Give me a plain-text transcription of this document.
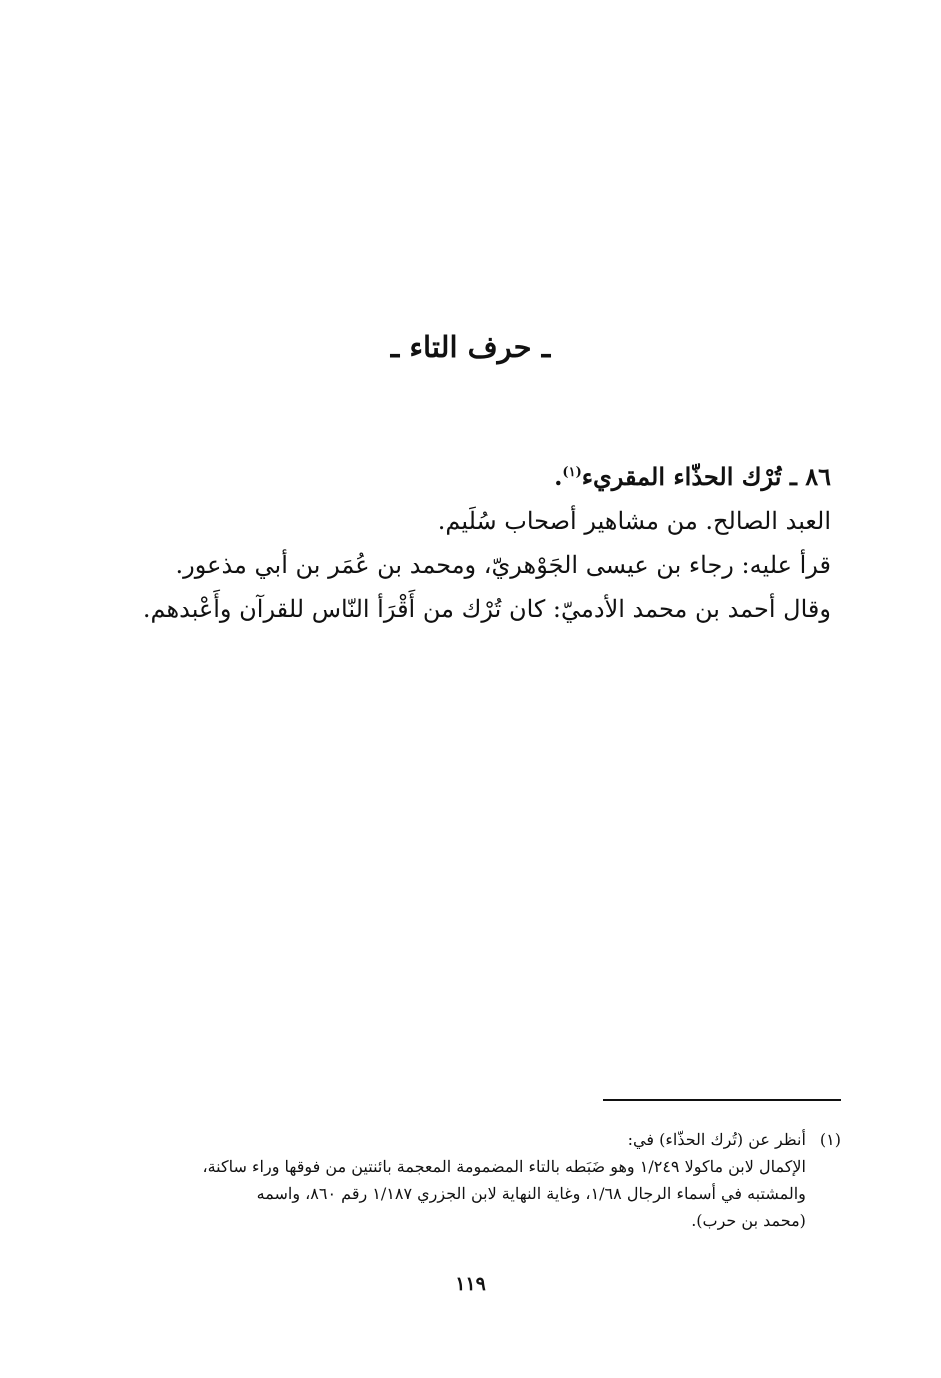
ـ حرف التاء ـ
٨٦ ـ تُرْك الحذّاء المقريء$^{(١)}$.
العبد الصالح. من مشاهير أصحاب سُلَيم.
قرأ عليه: رجاء بن عيسى الجَوْهريّ، ومحمد بن عُمَر بن أبي مذعور.
وقال أحمد بن محمد الأدميّ: كان تُرْك من أَقْرَأ النّاس للقرآن وأَعْبدهم.
(١)
أنظر عن (تُرك الحذّاء) في:
الإكمال لابن ماكولا ١/٢٤٩ وهو ضَبَطه بالتاء المضمومة المعجمة بائنتين من فوقها وراء ساكنة،
والمشتبه في أسماء الرجال ١/٦٨، وغاية النهاية لابن الجزري ١/١٨٧ رقم ٨٦٠، واسمه
(محمد بن حرب).
١١٩
